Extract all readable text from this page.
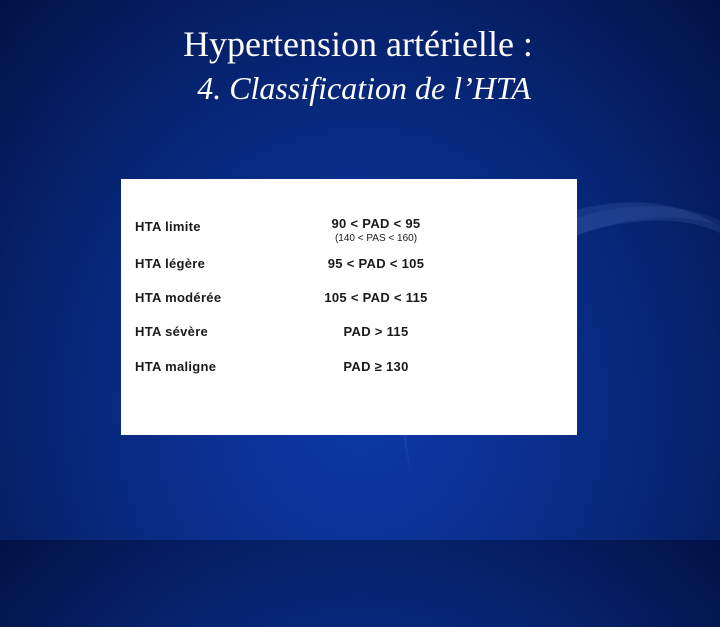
Hypertension artérielle :
4. Classification de l’HTA
HTA limite	90 < PAD < 95
(140 < PAS < 160)
HTA légère	95 < PAD < 105
HTA modérée	105 < PAD < 115
HTA sévère	PAD > 115
HTA maligne	PAD ≥ 130
